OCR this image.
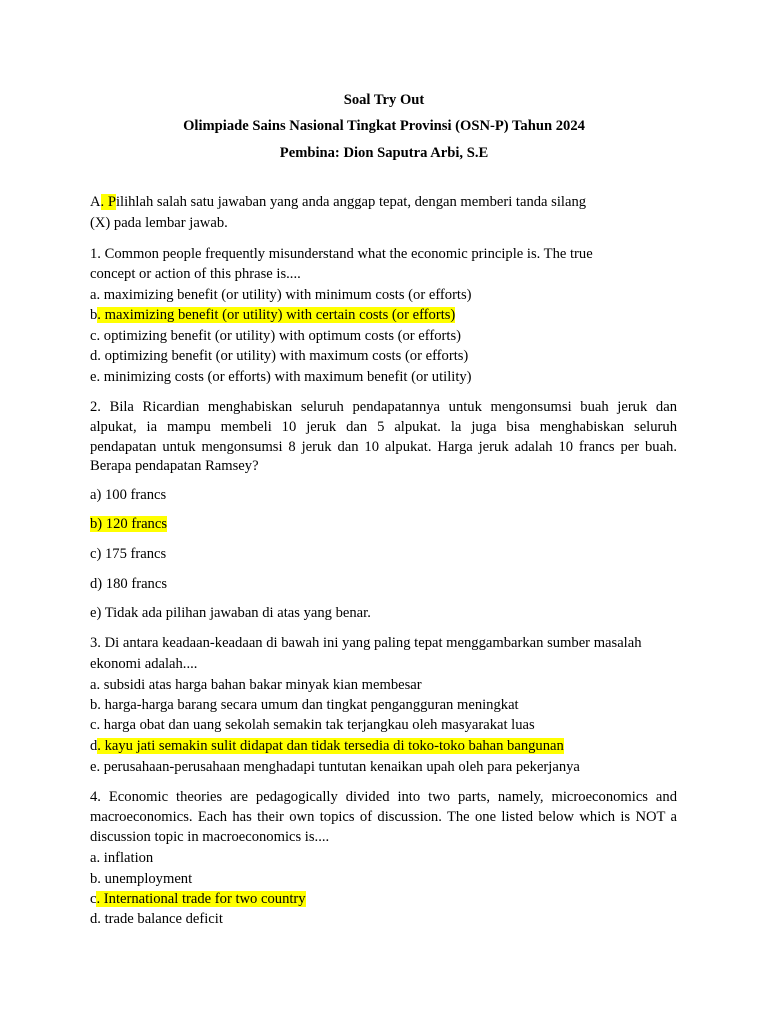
Soal Try Out
Olimpiade Sains Nasional Tingkat Provinsi (OSN-P) Tahun 2024
Pembina: Dion Saputra Arbi, S.E
A. Pilihlah salah satu jawaban yang anda anggap tepat, dengan memberi tanda silang
(X) pada lembar jawab.
1. Common people frequently misunderstand what the economic principle is. The true
concept or action of this phrase is....
a. maximizing benefit (or utility) with minimum costs (or efforts)
b. maximizing benefit (or utility) with certain costs (or efforts)
c. optimizing benefit (or utility) with optimum costs (or efforts)
d. optimizing benefit (or utility) with maximum costs (or efforts)
e. minimizing costs (or efforts) with maximum benefit (or utility)
2. Bila Ricardian menghabiskan seluruh pendapatannya untuk mengonsumsi buah jeruk dan
alpukat, ia mampu membeli 10 jeruk dan 5 alpukat. la juga bisa menghabiskan seluruh
pendapatan untuk mengonsumsi 8 jeruk dan 10 alpukat. Harga jeruk adalah 10 francs per buah.
Berapa pendapatan Ramsey?
a) 100 francs
b) 120 francs
c) 175 francs
d) 180 francs
e) Tidak ada pilihan jawaban di atas yang benar.
3. Di antara keadaan-keadaan di bawah ini yang paling tepat menggambarkan sumber masalah
ekonomi adalah....
a. subsidi atas harga bahan bakar minyak kian membesar
b. harga-harga barang secara umum dan tingkat pengangguran meningkat
c. harga obat dan uang sekolah semakin tak terjangkau oleh masyarakat luas
d. kayu jati semakin sulit didapat dan tidak tersedia di toko-toko bahan bangunan
e. perusahaan-perusahaan menghadapi tuntutan kenaikan upah oleh para pekerjanya
4. Economic theories are pedagogically divided into two parts, namely, microeconomics and
macroeconomics. Each has their own topics of discussion. The one listed below which is NOT a
discussion topic in macroeconomics is....
a. inflation
b. unemployment
c. International trade for two country
d. trade balance deficit
